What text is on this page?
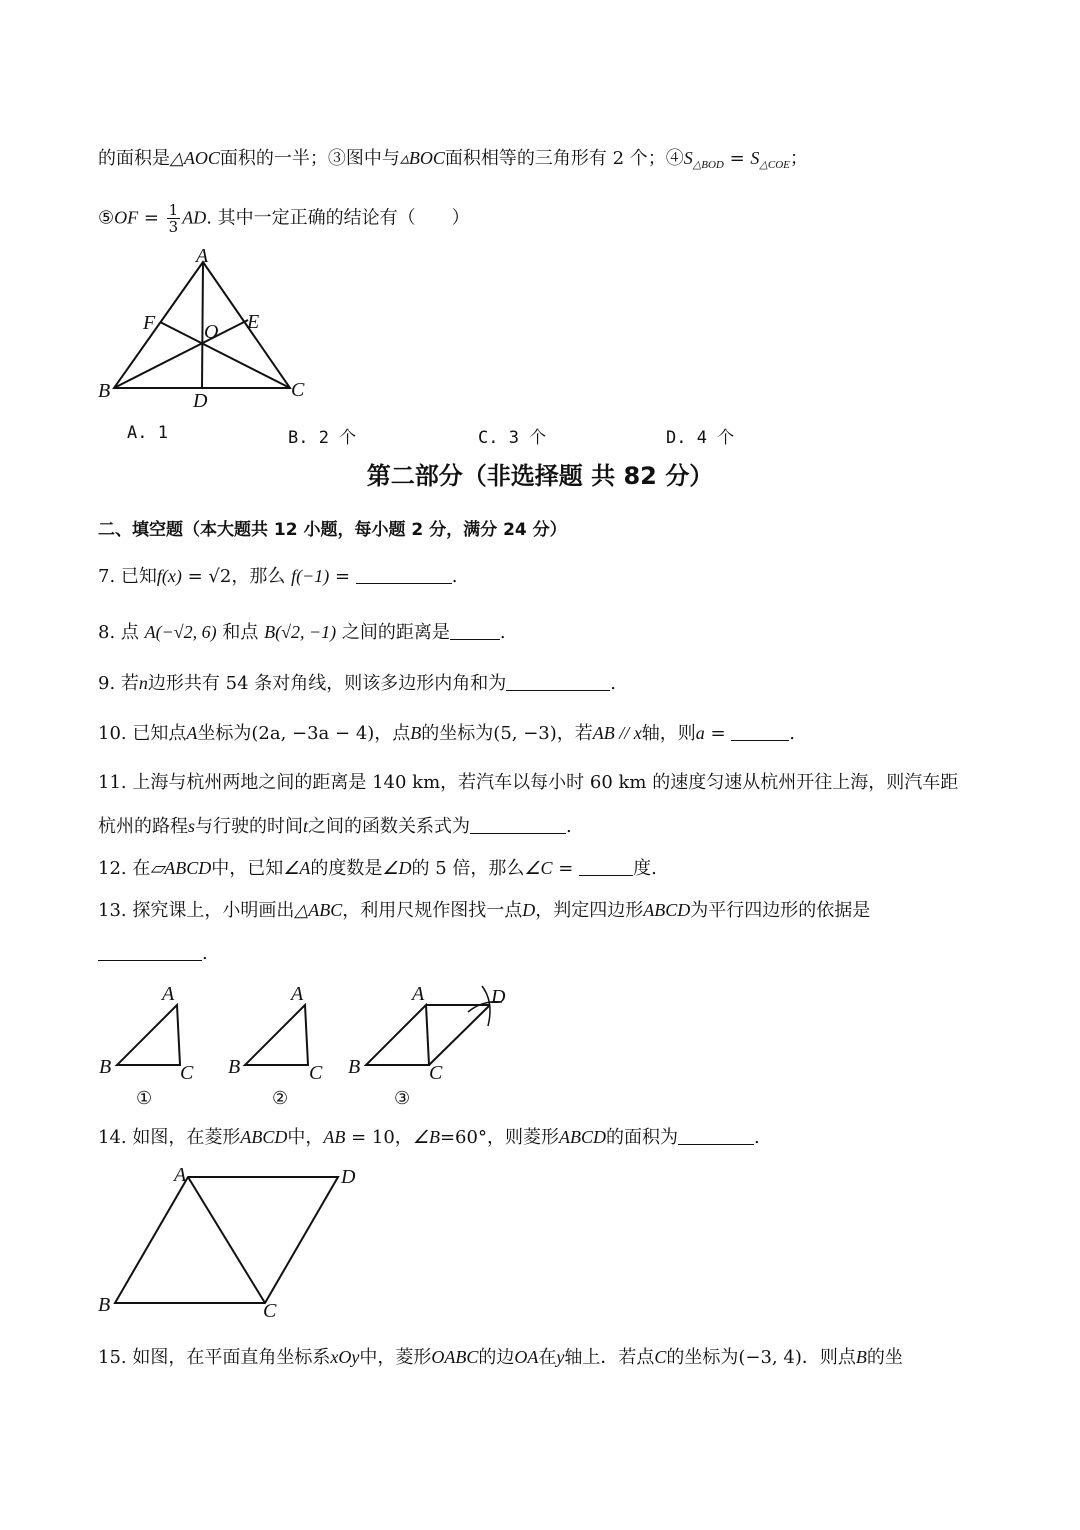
的面积是△AOC面积的一半；③图中与▵BOC面积相等的三角形有 2 个；$④S_{\triangle BOD} = S_{\triangle COE}$；
⑤OF = $\frac{1}{3}$ AD. 其中一定正确的结论有（　　）
A
B	C
D
E
F O
A. 1	B. 2 个	C. 3 个	D. 4 个
第二部分（非选择题 共 82 分）
二、填空题（本大题共 12 小题，每小题 2 分，满分 24 分）
7. 已知f(x) = √2，那么 f(−1) =	.
8. 点 A(−√2, 6) 和点 B(√2, −1) 之间的距离是	.
9. 若n边形共有 54 条对角线，则该多边形内角和为	.
10. 已知点A坐标为(2a, −3a − 4)，点B的坐标为(5, −3)，若AB // x轴，则a =	.
11. 上海与杭州两地之间的距离是 140 km，若汽车以每小时 60 km 的速度匀速从杭州开往上海，则汽车距
杭州的路程s与行驶的时间t之间的函数关系式为	.
12. 在▱ABCD中，已知∠A的度数是∠D的 5 倍，那么∠C =	度.
13. 探究课上，小明画出△ABC，利用尺规作图找一点D，判定四边形ABCD为平行四边形的依据是
.
A
B	C
A
B	C
A
B	C
D
①	②	③
14. 如图，在菱形ABCD中，AB = 10，∠B=60°，则菱形ABCD的面积为	.
A	D
B	C
15. 如图，在平面直角坐标系xOy中，菱形OABC的边OA在y轴上．若点C的坐标为(−3, 4)．则点B的坐
